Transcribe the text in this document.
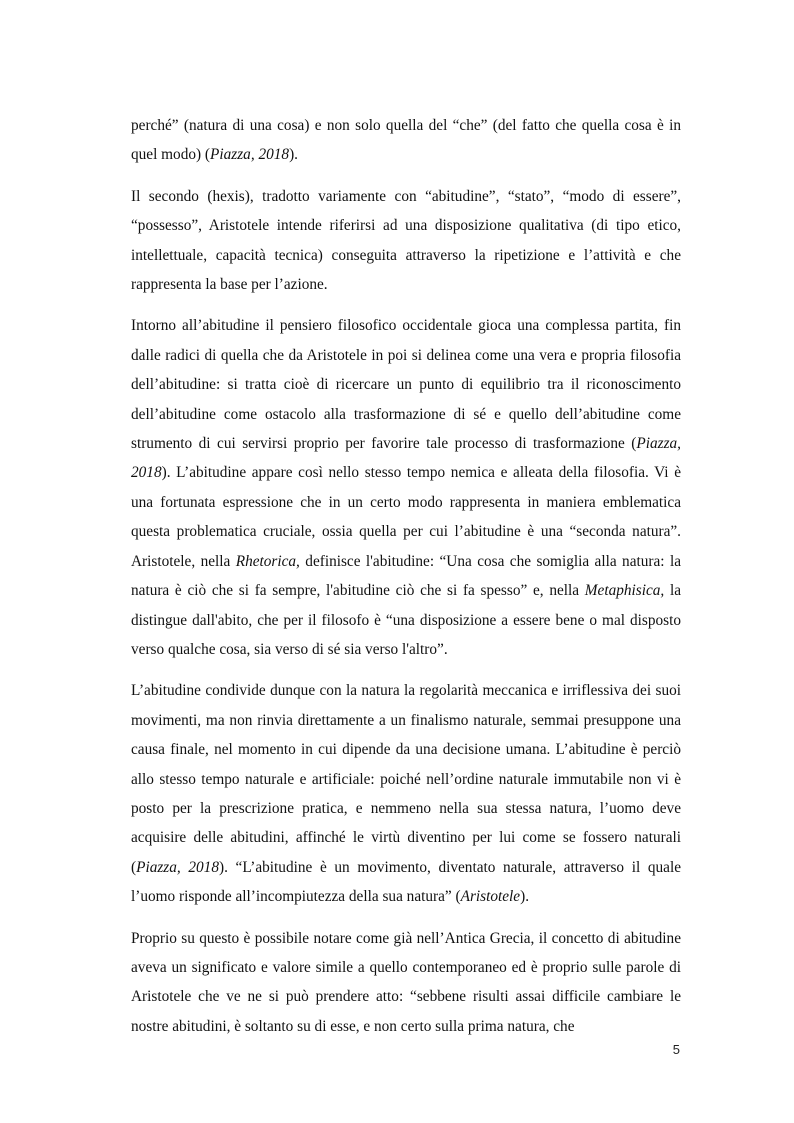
perché” (natura di una cosa) e non solo quella del “che” (del fatto che quella cosa è in quel modo) (Piazza, 2018).

Il secondo (hexis), tradotto variamente con “abitudine”, “stato”, “modo di essere”, “possesso”, Aristotele intende riferirsi ad una disposizione qualitativa (di tipo etico, intellettuale, capacità tecnica) conseguita attraverso la ripetizione e l’attività e che rappresenta la base per l’azione.

Intorno all’abitudine il pensiero filosofico occidentale gioca una complessa partita, fin dalle radici di quella che da Aristotele in poi si delinea come una vera e propria filosofia dell’abitudine: si tratta cioè di ricercare un punto di equilibrio tra il riconoscimento dell’abitudine come ostacolo alla trasformazione di sé e quello dell’abitudine come strumento di cui servirsi proprio per favorire tale processo di trasformazione (Piazza, 2018). L’abitudine appare così nello stesso tempo nemica e alleata della filosofia. Vi è una fortunata espressione che in un certo modo rappresenta in maniera emblematica questa problematica cruciale, ossia quella per cui l’abitudine è una “seconda natura”. Aristotele, nella Rhetorica, definisce l'abitudine: “Una cosa che somiglia alla natura: la natura è ciò che si fa sempre, l'abitudine ciò che si fa spesso” e, nella Metaphisica, la distingue dall'abito, che per il filosofo è “una disposizione a essere bene o mal disposto verso qualche cosa, sia verso di sé sia verso l'altro”.

L’abitudine condivide dunque con la natura la regolarità meccanica e irriflessiva dei suoi movimenti, ma non rinvia direttamente a un finalismo naturale, semmai presuppone una causa finale, nel momento in cui dipende da una decisione umana. L’abitudine è perciò allo stesso tempo naturale e artificiale: poiché nell’ordine naturale immutabile non vi è posto per la prescrizione pratica, e nemmeno nella sua stessa natura, l’uomo deve acquisire delle abitudini, affinché le virtù diventino per lui come se fossero naturali (Piazza, 2018). “L’abitudine è un movimento, diventato naturale, attraverso il quale l’uomo risponde all’incompiutezza della sua natura” (Aristotele).

Proprio su questo è possibile notare come già nell’Antica Grecia, il concetto di abitudine aveva un significato e valore simile a quello contemporaneo ed è proprio sulle parole di Aristotele che ve ne si può prendere atto: “sebbene risulti assai difficile cambiare le nostre abitudini, è soltanto su di esse, e non certo sulla prima natura, che

5
